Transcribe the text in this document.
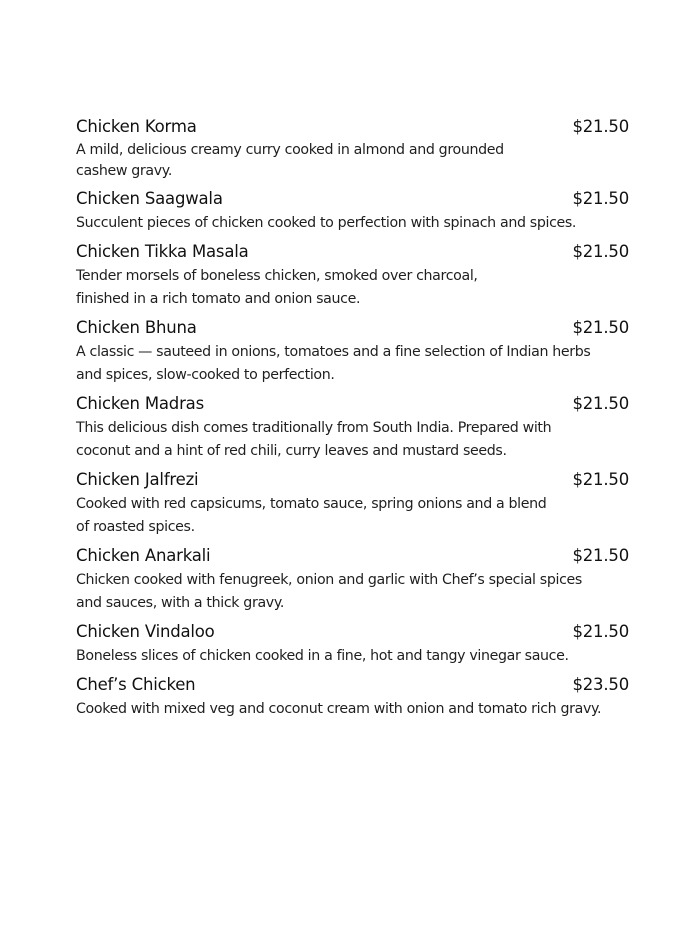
Chicken Korma	$21.50
A mild, delicious creamy curry cooked in almond and grounded
cashew gravy.
Chicken Saagwala	$21.50
Succulent pieces of chicken cooked to perfection with spinach and spices.
Chicken Tikka Masala	$21.50
Tender morsels of boneless chicken, smoked over charcoal,
finished in a rich tomato and onion sauce.
Chicken Bhuna	$21.50
A classic — sauteed in onions, tomatoes and a fine selection of Indian herbs
and spices, slow-cooked to perfection.
Chicken Madras	$21.50
This delicious dish comes traditionally from South India. Prepared with
coconut and a hint of red chili, curry leaves and mustard seeds.
Chicken Jalfrezi	$21.50
Cooked with red capsicums, tomato sauce, spring onions and a blend
of roasted spices.
Chicken Anarkali	$21.50
Chicken cooked with fenugreek, onion and garlic with Chef’s special spices
and sauces, with a thick gravy.
Chicken Vindaloo	$21.50
Boneless slices of chicken cooked in a fine, hot and tangy vinegar sauce.
Chef’s Chicken	$23.50
Cooked with mixed veg and coconut cream with onion and tomato rich gravy.
